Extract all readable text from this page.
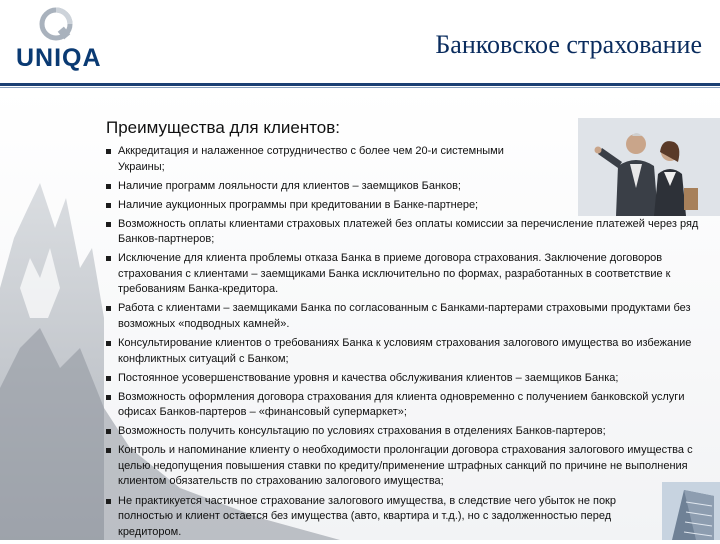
UNIQA	Банковское страхование
Преимущества для клиентов:
Аккредитация и налаженное сотрудничество с более чем 20-и системными Украины;
Наличие программ лояльности для клиентов – заемщиков Банков;
Наличие аукционных программы при кредитовании в Банке-партнере;
Возможность оплаты клиентами страховых платежей без оплаты комиссии за перечисление платежей через ряд Банков-партнеров;
Исключение для клиента проблемы отказа Банка в приеме договора страхования. Заключение договоров страхования с клиентами – заемщиками Банка исключительно по формах, разработанных в соответствие к требованиям Банка-кредитора.
Работа с клиентами – заемщиками Банка по согласованным с Банками-партерами страховыми продуктами без возможных «подводных камней».
Консультирование клиентов о требованиях Банка к условиям страхования залогового имущества во избежание конфликтных ситуаций с Банком;
Постоянное усовершенствование уровня и качества обслуживания клиентов – заемщиков Банка;
Возможность оформления договора страхования для клиента одновременно с получением банковской услуги офисах Банков-партеров – «финансовый супермаркет»;
Возможность получить консультацию по условиях страхования в отделениях Банков-партеров;
Контроль и напоминание клиенту о необходимости пролонгации договора страхования залогового имущества с целью недопущения повышения ставки по кредиту/применение штрафных санкций по причине не выполнения клиентом обязательств по страхованию залогового имущества;
Не практикуется частичное страхование залогового имущества, в следствие чего убыток не покр полностью и клиент остается без имущества (авто, квартира и т.д.), но с задолженностью перед кредитором.
